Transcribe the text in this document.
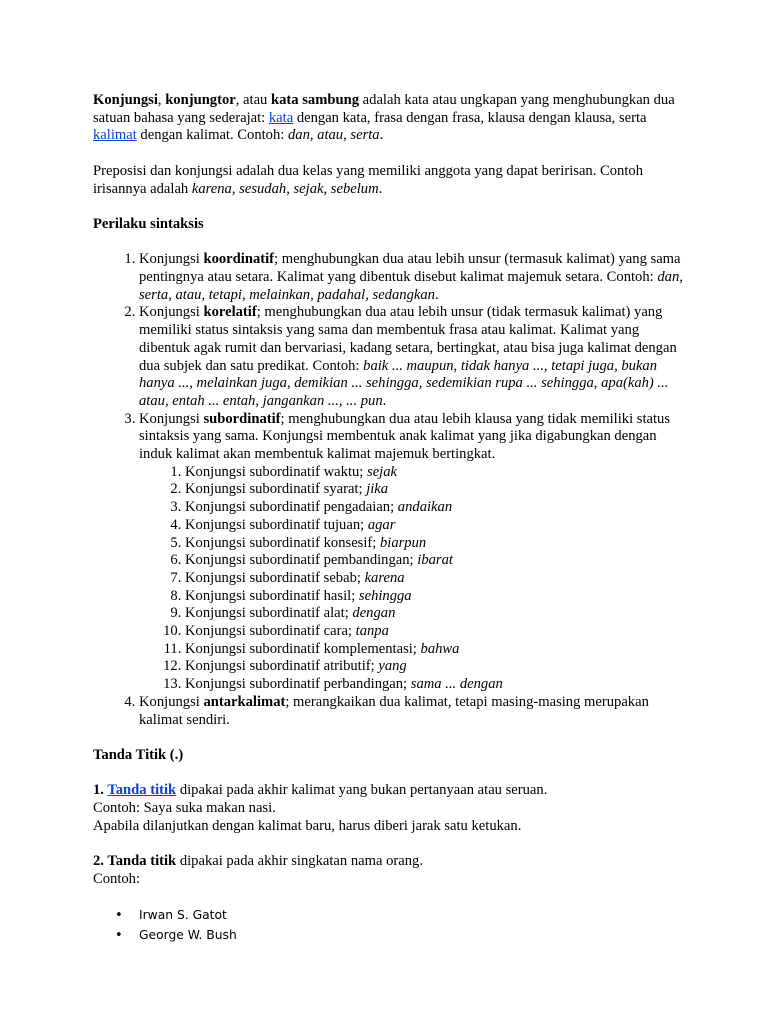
Konjungsi, konjungtor, atau kata sambung adalah kata atau ungkapan yang menghubungkan dua satuan bahasa yang sederajat: kata dengan kata, frasa dengan frasa, klausa dengan klausa, serta kalimat dengan kalimat. Contoh: dan, atau, serta.

Preposisi dan konjungsi adalah dua kelas yang memiliki anggota yang dapat beririsan. Contoh irisannya adalah karena, sesudah, sejak, sebelum.

Perilaku sintaksis

1. Konjungsi koordinatif; menghubungkan dua atau lebih unsur (termasuk kalimat) yang sama pentingnya atau setara. Kalimat yang dibentuk disebut kalimat majemuk setara. Contoh: dan, serta, atau, tetapi, melainkan, padahal, sedangkan.
2. Konjungsi korelatif; menghubungkan dua atau lebih unsur (tidak termasuk kalimat) yang memiliki status sintaksis yang sama dan membentuk frasa atau kalimat. Kalimat yang dibentuk agak rumit dan bervariasi, kadang setara, bertingkat, atau bisa juga kalimat dengan dua subjek dan satu predikat. Contoh: baik ... maupun, tidak hanya ..., tetapi juga, bukan hanya ..., melainkan juga, demikian ... sehingga, sedemikian rupa ... sehingga, apa(kah) ... atau, entah ... entah, jangankan ..., ... pun.
3. Konjungsi subordinatif; menghubungkan dua atau lebih klausa yang tidak memiliki status sintaksis yang sama. Konjungsi membentuk anak kalimat yang jika digabungkan dengan induk kalimat akan membentuk kalimat majemuk bertingkat.
1. Konjungsi subordinatif waktu; sejak
2. Konjungsi subordinatif syarat; jika
3. Konjungsi subordinatif pengadaian; andaikan
4. Konjungsi subordinatif tujuan; agar
5. Konjungsi subordinatif konsesif; biarpun
6. Konjungsi subordinatif pembandingan; ibarat
7. Konjungsi subordinatif sebab; karena
8. Konjungsi subordinatif hasil; sehingga
9. Konjungsi subordinatif alat; dengan
10. Konjungsi subordinatif cara; tanpa
11. Konjungsi subordinatif komplementasi; bahwa
12. Konjungsi subordinatif atributif; yang
13. Konjungsi subordinatif perbandingan; sama ... dengan
4. Konjungsi antarkalimat; merangkaikan dua kalimat, tetapi masing-masing merupakan kalimat sendiri.

Tanda Titik (.)

1. Tanda titik dipakai pada akhir kalimat yang bukan pertanyaan atau seruan.
Contoh: Saya suka makan nasi.
Apabila dilanjutkan dengan kalimat baru, harus diberi jarak satu ketukan.

2. Tanda titik dipakai pada akhir singkatan nama orang.
Contoh:

• Irwan S. Gatot
• George W. Bush
